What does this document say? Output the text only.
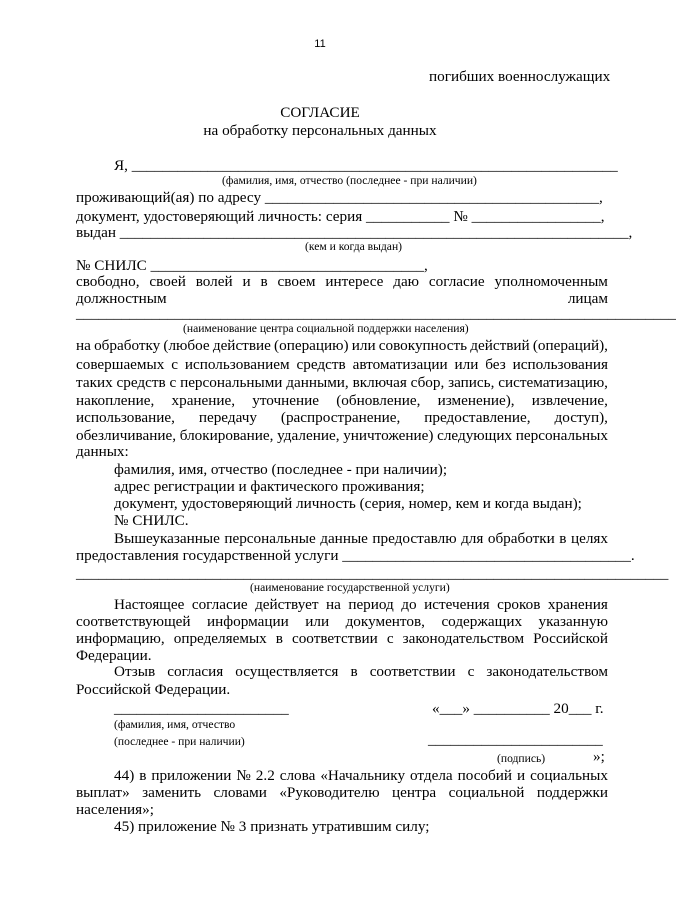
11
погибших военнослужащих
СОГЛАСИЕ
на обработку персональных данных
Я, ________________________________________________________________
(фамилия, имя, отчество (последнее - при наличии)
проживающий(ая) по адресу ____________________________________________,
документ, удостоверяющий личность: серия ___________ № _________________,
выдан ___________________________________________________________________,
(кем и когда выдан)
№ СНИЛС ____________________________________,
свободно, своей волей и в своем интересе даю согласие уполномоченным
должностным	лицам
_______________________________________________________________________________
(наименование центра социальной поддержки населения)
на обработку (любое действие (операцию) или совокупность действий (операций),
совершаемых с использованием средств автоматизации или без использования
таких средств с персональными данными, включая сбор, запись, систематизацию,
накопление, хранение, уточнение (обновление, изменение), извлечение,
использование, передачу (распространение, предоставление, доступ),
обезличивание, блокирование, удаление, уничтожение) следующих персональных
данных:
фамилия, имя, отчество (последнее - при наличии);
адрес регистрации и фактического проживания;
документ, удостоверяющий личность (серия, номер, кем и когда выдан);
№ СНИЛС.
Вышеуказанные персональные данные предоставлю для обработки в целях
предоставления государственной услуги ______________________________________.
______________________________________________________________________________
(наименование государственной услуги)
Настоящее согласие действует на период до истечения сроков хранения
соответствующей информации или документов, содержащих указанную
информацию, определяемых в соответствии с законодательством Российской
Федерации.
Отзыв согласия осуществляется в соответствии с законодательством
Российской Федерации.
_______________________	«___» __________ 20___ г.
(фамилия, имя, отчество
(последнее - при наличии)	_______________________
(подпись)	»;
44) в приложении № 2.2 слова «Начальнику отдела пособий и социальных
выплат» заменить словами «Руководителю центра социальной поддержки
населения»;
45) приложение № 3 признать утратившим силу;
